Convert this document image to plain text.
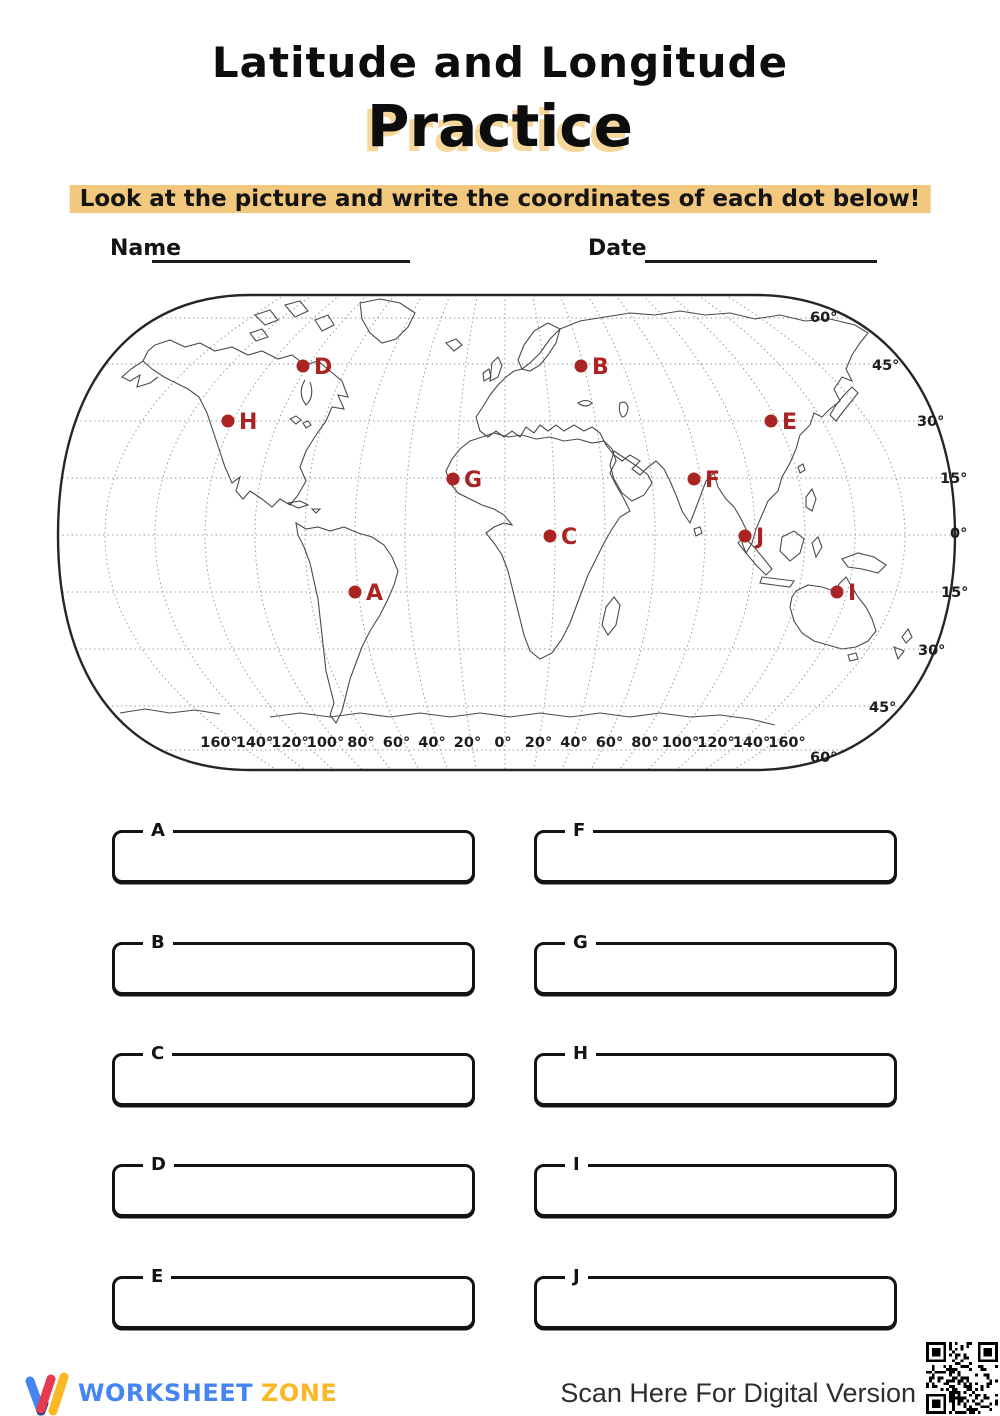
Latitude and Longitude
Practice
Look at the picture and write the coordinates of each dot below!
Name	Date
60°
45°
30°
15°
0°
15°
30°
45°
60°
160°
140°
120°
100° 80° 60° 40° 20° 0° 20° 40° 60° 80° 100°
120°
140°
160°
A
B
C
D
E
F
G
H
I
J
A
B
C
D
E
F
G
H
I
J
WORKSHEET ZONE	Scan Here For Digital Version
